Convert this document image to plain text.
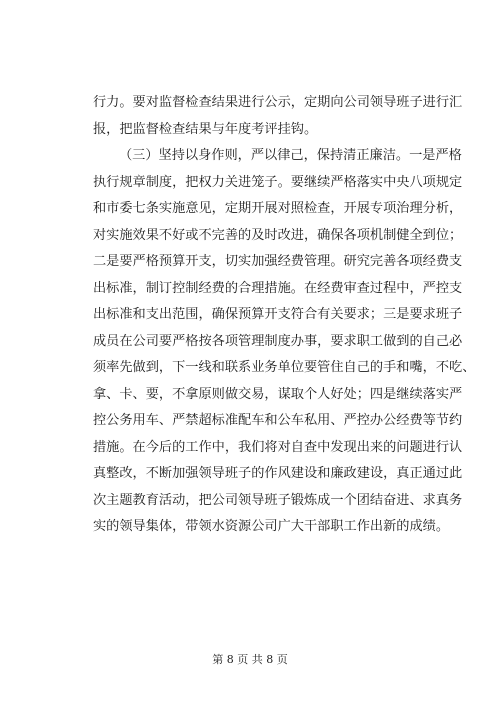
行力。要对监督检查结果进行公示，定期向公司领导班子进行汇
报，把监督检查结果与年度考评挂钩。
（三）坚持以身作则，严以律己，保持清正廉洁。一是严格
执行规章制度，把权力关进笼子。要继续严格落实中央八项规定
和市委七条实施意见，定期开展对照检查，开展专项治理分析，
对实施效果不好或不完善的及时改进，确保各项机制健全到位；
二是要严格预算开支，切实加强经费管理。研究完善各项经费支
出标准，制订控制经费的合理措施。在经费审查过程中，严控支
出标准和支出范围，确保预算开支符合有关要求；三是要求班子
成员在公司要严格按各项管理制度办事，要求职工做到的自己必
须率先做到，下一线和联系业务单位要管住自己的手和嘴，不吃、
拿、卡、要，不拿原则做交易，谋取个人好处；四是继续落实严
控公务用车、严禁超标准配车和公车私用、严控办公经费等节约
措施。在今后的工作中，我们将对自查中发现出来的问题进行认
真整改，不断加强领导班子的作风建设和廉政建设，真正通过此
次主题教育活动，把公司领导班子锻炼成一个团结奋进、求真务
实的领导集体，带领水资源公司广大干部职工作出新的成绩。
第 8 页 共 8 页
